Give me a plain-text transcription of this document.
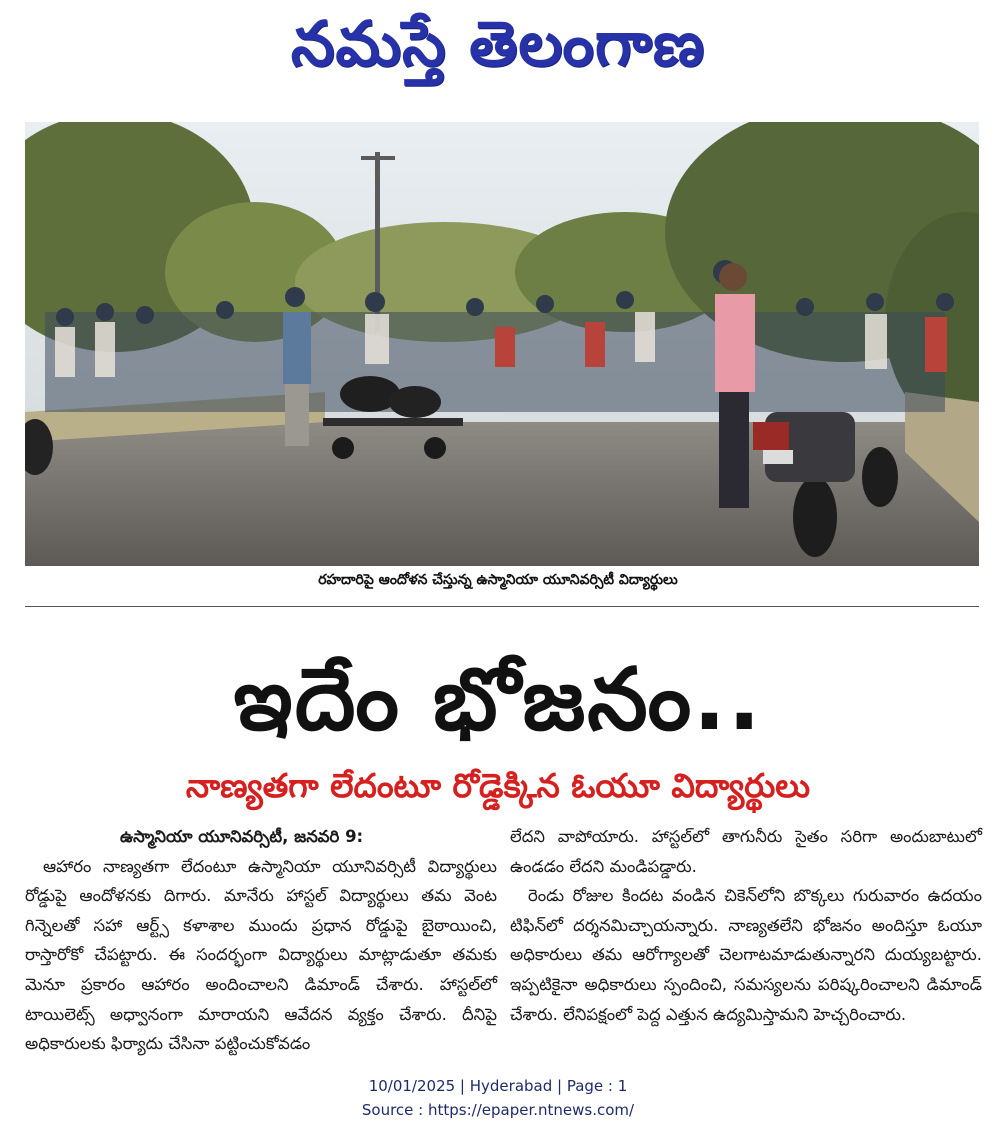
నమస్తే తెలంగాణ
రహదారిపై ఆందోళన చేస్తున్న ఉస్మానియా యూనివర్సిటీ విద్యార్థులు
ఇదేం భోజనం..
నాణ్యతగా లేదంటూ రోడ్డెక్కిన ఓయూ విద్యార్థులు
ఉస్మానియా యూనివర్సిటీ, జనవరి 9:
ఆహారం నాణ్యతగా లేదంటూ ఉస్మానియా యూనివర్సిటీ విద్యార్థులు రోడ్డుపై ఆందోళనకు దిగారు. మానేరు హాస్టల్ విద్యార్థులు తమ వెంట గిన్నెలతో సహా ఆర్ట్స్ కళాశాల ముందు ప్రధాన రోడ్డుపై బైఠాయించి, రాస్తారోకో చేపట్టారు. ఈ సందర్భంగా విద్యార్థులు మాట్లాడుతూ తమకు మెనూ ప్రకారం ఆహారం అందించాలని డిమాండ్ చేశారు. హాస్టల్‌లో టాయిలెట్స్ అధ్వానంగా మారాయని ఆవేదన వ్యక్తం చేశారు. దీనిపై అధికారులకు ఫిర్యాదు చేసినా పట్టించుకోవడం
లేదని వాపోయారు. హాస్టల్‌లో తాగునీరు సైతం సరిగా అందుబాటులో ఉండడం లేదని మండిపడ్డారు.
రెండు రోజుల కిందట వండిన చికెన్‌లోని బొక్కలు గురువారం ఉదయం టిఫిన్‌లో దర్శనమిచ్చాయన్నారు. నాణ్యతలేని భోజనం అందిస్తూ ఓయూ అధికారులు తమ ఆరోగ్యాలతో చెలగాటమాడుతున్నారని దుయ్యబట్టారు. ఇప్పటికైనా అధికారులు స్పందించి, సమస్యలను పరిష్కరించాలని డిమాండ్ చేశారు. లేనిపక్షంలో పెద్ద ఎత్తున ఉద్యమిస్తామని హెచ్చరించారు.
10/01/2025 | Hyderabad | Page : 1
Source : https://epaper.ntnews.com/
